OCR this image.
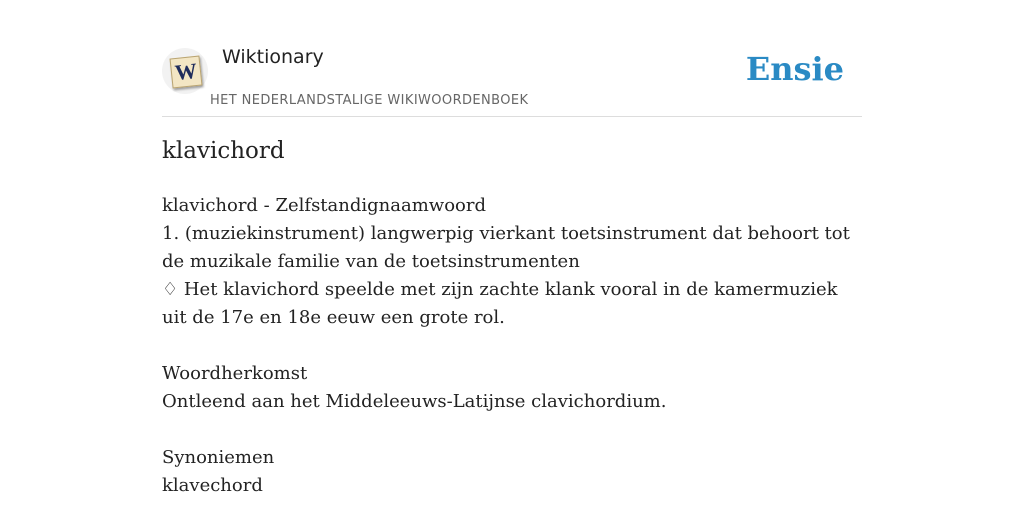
W
Wiktionary
HET NEDERLANDSTALIGE WIKIWOORDENBOEK
Ensie
klavichord

klavichord - Zelfstandignaamwoord

1. (muziekinstrument) langwerpig vierkant toetsinstrument dat behoort tot de muzikale familie van de toetsinstrumenten

♢ Het klavichord speelde met zijn zachte klank vooral in de kamermuziek uit de 17e en 18e eeuw een grote rol.

Woordherkomst

Ontleend aan het Middeleeuws-Latijnse clavichordium.

Synoniemen

klavechord
